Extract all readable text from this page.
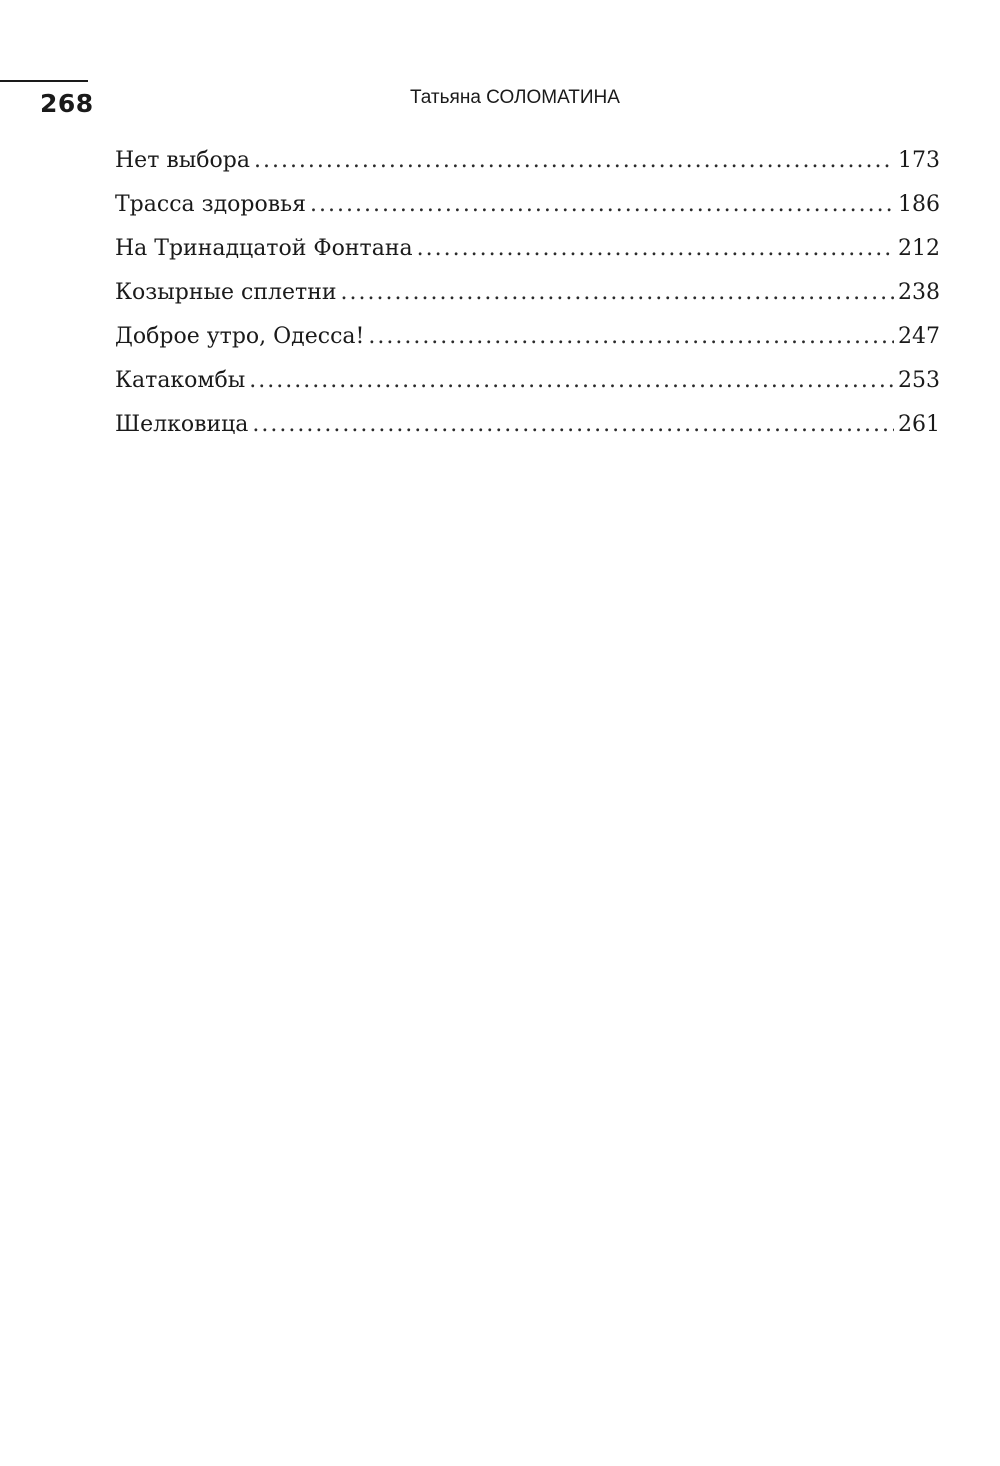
268	Татьяна СОЛОМАТИНА
Нет выбора .....	173
Трасса здоровья .....	186
На Тринадцатой Фонтана .....	212
Козырные сплетни .....	238
Доброе утро, Одесса! .....	247
Катакомбы .....	253
Шелковица .....	261
